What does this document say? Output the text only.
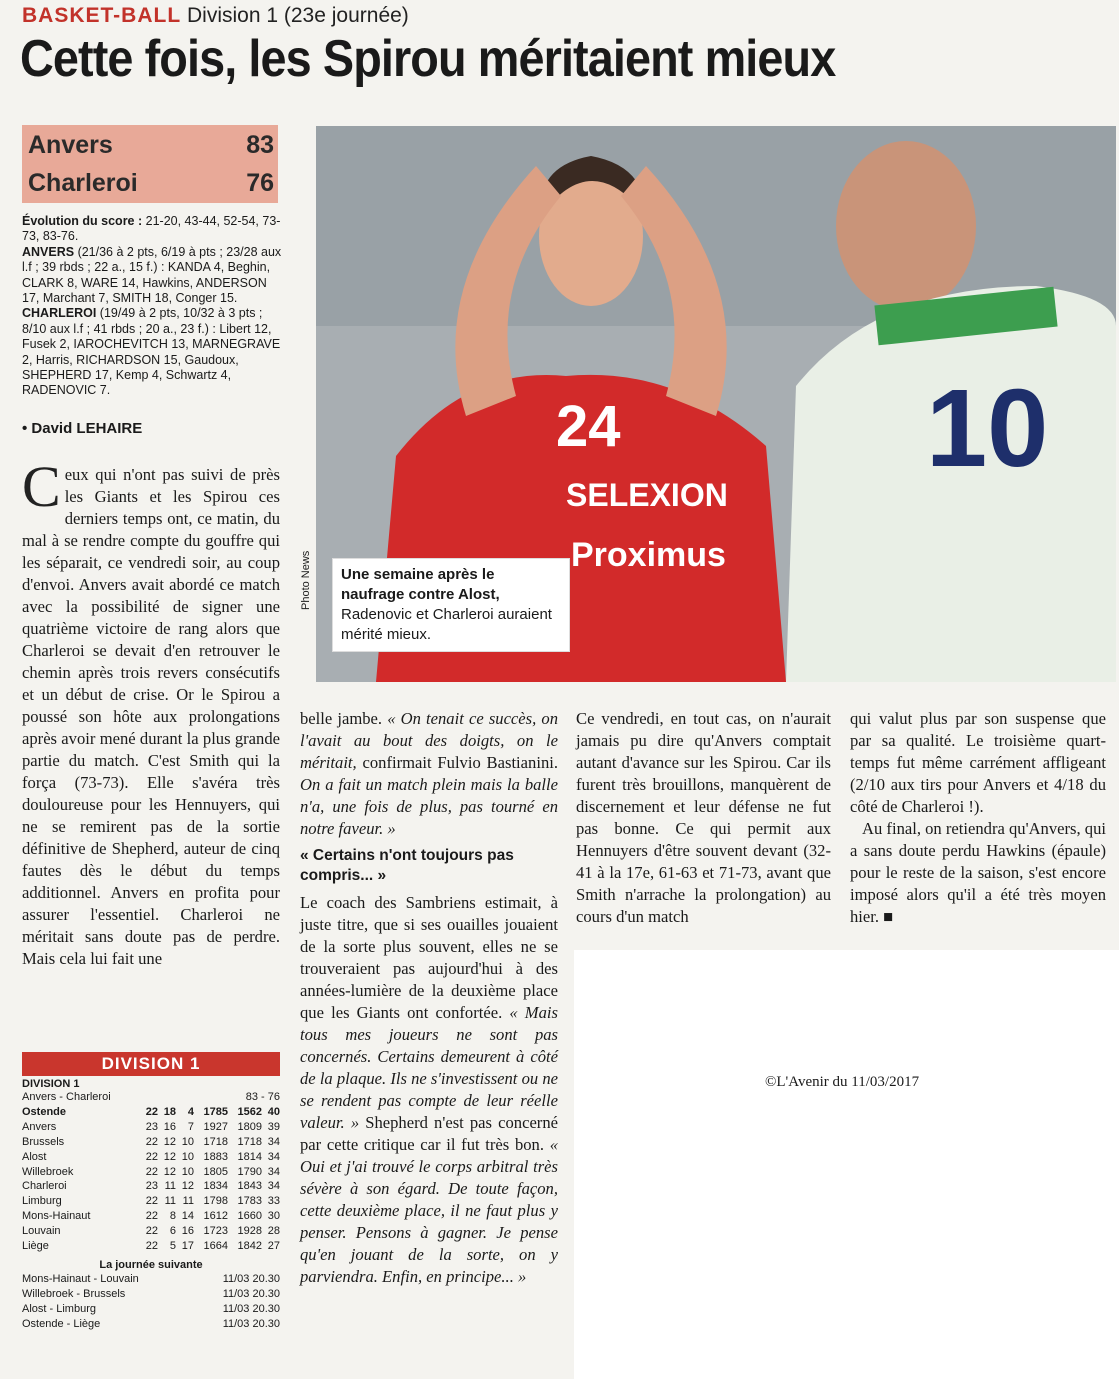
BASKET-BALL Division 1 (23e journée)
Cette fois, les Spirou méritaient mieux
Anvers	83
Charleroi	76
Évolution du score : 21-20, 43-44, 52-54, 73-73, 83-76.
ANVERS (21/36 à 2 pts, 6/19 à pts ; 23/28 aux l.f ; 39 rbds ; 22 a., 15 f.) : KANDA 4, Beghin, CLARK 8, WARE 14, Hawkins, ANDERSON 17, Marchant 7, SMITH 18, Conger 15.
CHARLEROI (19/49 à 2 pts, 10/32 à 3 pts ; 8/10 aux l.f ; 41 rbds ; 20 a., 23 f.) : Libert 12, Fusek 2, IAROCHEVITCH 13, MARNEGRAVE 2, Harris, RICHARDSON 15, Gaudoux, SHEPHERD 17, Kemp 4, Schwartz 4, RADENOVIC 7.
• David LEHAIRE	24
SELEXION
Proximus
10
Photo News	Une semaine après le naufrage contre Alost, Radenovic et Charleroi auraient mérité mieux.
Ceux qui n'ont pas suivi de près les Giants et les Spirou ces derniers temps ont, ce matin, du mal à se rendre compte du gouffre qui les séparait, ce vendredi soir, au coup d'envoi. Anvers avait abordé ce match avec la possibilité de signer une quatrième victoire de rang alors que Charleroi se devait d'en retrouver le chemin après trois revers consécutifs et un début de crise. Or le Spirou a poussé son hôte aux prolongations après avoir mené durant la plus grande partie du match. C'est Smith qui la força (73-73). Elle s'avéra très douloureuse pour les Hennuyers, qui ne se remirent pas de la sortie définitive de Shepherd, auteur de cinq fautes dès le début du temps additionnel. Anvers en profita pour assurer l'essentiel. Charleroi ne méritait sans doute pas de perdre. Mais cela lui fait une
belle jambe. « On tenait ce succès, on l'avait au bout des doigts, on le méritait, confirmait Fulvio Bastianini. On a fait un match plein mais la balle n'a, une fois de plus, pas tourné en notre faveur. »
« Certains n'ont toujours pas compris... »
Le coach des Sambriens estimait, à juste titre, que si ses ouailles jouaient de la sorte plus souvent, elles ne se trouveraient pas aujourd'hui à des années-lumière de la deuxième place que les Giants ont confortée. « Mais tous mes joueurs ne sont pas concernés. Certains demeurent à côté de la plaque. Ils ne s'investissent ou ne se rendent pas compte de leur réelle valeur. » Shepherd n'est pas concerné par cette critique car il fut très bon. « Oui et j'ai trouvé le corps arbitral très sévère à son égard. De toute façon, cette deuxième place, il ne faut plus y penser. Pensons à gagner. Je pense qu'en jouant de la sorte, on y parviendra. Enfin, en principe... »
Ce vendredi, en tout cas, on n'aurait jamais pu dire qu'Anvers comptait autant d'avance sur les Spirou. Car ils furent très brouillons, manquèrent de discernement et leur défense ne fut pas bonne. Ce qui permit aux Hennuyers d'être souvent devant (32-41 à la 17e, 61-63 et 71-73, avant que Smith n'arrache la prolongation) au cours d'un match
qui valut plus par son suspense que par sa qualité. Le troisième quart-temps fut même carrément affligeant (2/10 aux tirs pour Anvers et 4/18 du côté de Charleroi !).
Au final, on retiendra qu'Anvers, qui a sans doute perdu Hawkins (épaule) pour le reste de la saison, s'est encore imposé alors qu'il a été très moyen hier. ■
©L'Avenir du 11/03/2017
DIVISION 1
DIVISION 1
Anvers - Charleroi	83 - 76
Ostende	22 18	4 1785 1562 40
Anvers	23 16	7 1927 1809 39
Brussels	22 12 10 1718 1718 34
Alost	22 12 10 1883 1814 34
Willebroek	22 12 10 1805 1790 34
Charleroi	23 11 12 1834 1843 34
Limburg	22 11 11 1798 1783 33
Mons-Hainaut	22	8 14 1612 1660 30
Louvain	22	6 16 1723 1928 28
Liège	22	5 17 1664 1842 27
La journée suivante
Mons-Hainaut - Louvain	11/03 20.30
Willebroek - Brussels	11/03 20.30
Alost - Limburg	11/03 20.30
Ostende - Liège	11/03 20.30
